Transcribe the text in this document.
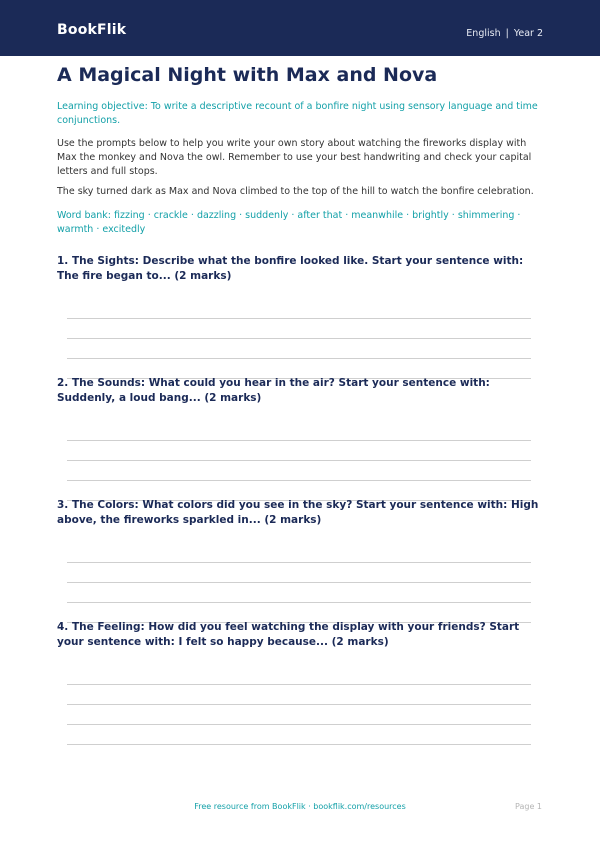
BookFlik	English | Year 2
A Magical Night with Max and Nova

Learning objective: To write a descriptive recount of a bonfire night using sensory language and time conjunctions.

Use the prompts below to help you write your own story about watching the fireworks display with Max the monkey and Nova the owl. Remember to use your best handwriting and check your capital letters and full stops.

The sky turned dark as Max and Nova climbed to the top of the hill to watch the bonfire celebration.

Word bank: fizzing · crackle · dazzling · suddenly · after that · meanwhile · brightly · shimmering · warmth · excitedly

1. The Sights: Describe what the bonfire looked like. Start your sentence with: The fire began to... (2 marks)

2. The Sounds: What could you hear in the air? Start your sentence with: Suddenly, a loud bang... (2 marks)

3. The Colors: What colors did you see in the sky? Start your sentence with: High above, the fireworks sparkled in... (2 marks)

4. The Feeling: How did you feel watching the display with your friends? Start your sentence with: I felt so happy because... (2 marks)

Free resource from BookFlik · bookflik.com/resources	Page 1
